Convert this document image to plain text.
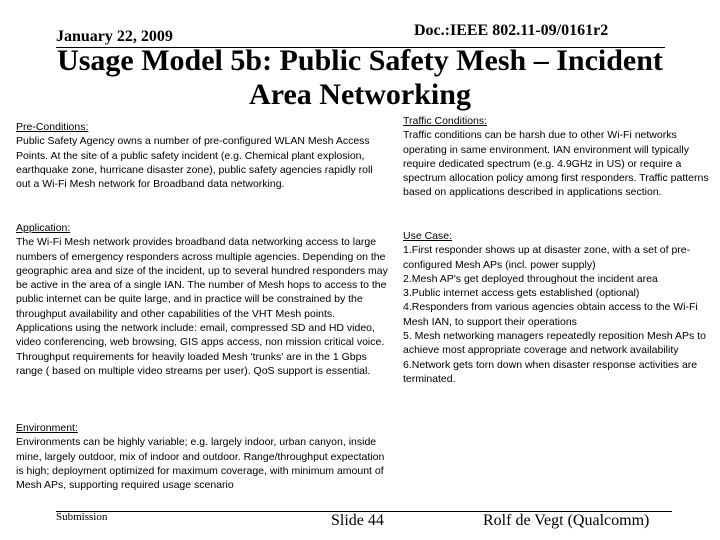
January 22, 2009	Doc.:IEEE 802.11-09/0161r2
Usage Model 5b: Public Safety Mesh – Incident Area Networking
Pre-Conditions:
Public Safety Agency owns a number of pre-configured WLAN Mesh Access Points. At the site of a public safety incident (e.g. Chemical plant explosion, earthquake zone, hurricane disaster zone), public safety agencies rapidly roll out a Wi-Fi Mesh network for Broadband data networking.
Application:
The Wi-Fi Mesh network provides broadband data networking access to large numbers of emergency responders across multiple agencies. Depending on the geographic area and size of the incident, up to several hundred responders may be active in the area of a single IAN. The number of Mesh hops to access to the public internet can be quite large, and in practice will be constrained by the throughput availability and other capabilities of the VHT Mesh points. Applications using the network include: email, compressed SD and HD video, video conferencing, web browsing, GIS apps access, non mission critical voice. Throughput requirements for heavily loaded Mesh 'trunks' are in the 1 Gbps range ( based on multiple video streams per user). QoS support is essential.
Environment:
Environments can be highly variable; e.g. largely indoor, urban canyon, inside mine, largely outdoor, mix of indoor and outdoor. Range/throughput expectation is high; deployment optimized for maximum coverage, with minimum amount of Mesh APs, supporting required usage scenario
Traffic Conditions:
Traffic conditions can be harsh due to other Wi-Fi networks operating in same environment. IAN environment will typically require dedicated spectrum (e.g. 4.9GHz in US) or require a spectrum allocation policy among first responders. Traffic patterns based on applications described in applications section.
Use Case:
1.First responder shows up at disaster zone, with a set of pre-configured Mesh APs (incl. power supply)
2.Mesh AP's get deployed throughout the incident area
3.Public internet access gets established (optional)
4.Responders from various agencies obtain access to the Wi-Fi Mesh IAN, to support their operations
5. Mesh networking managers repeatedly reposition Mesh APs to achieve most appropriate coverage and network availability
6.Network gets torn down when disaster response activities are terminated.
Submission	Slide 44	Rolf de Vegt (Qualcomm)
